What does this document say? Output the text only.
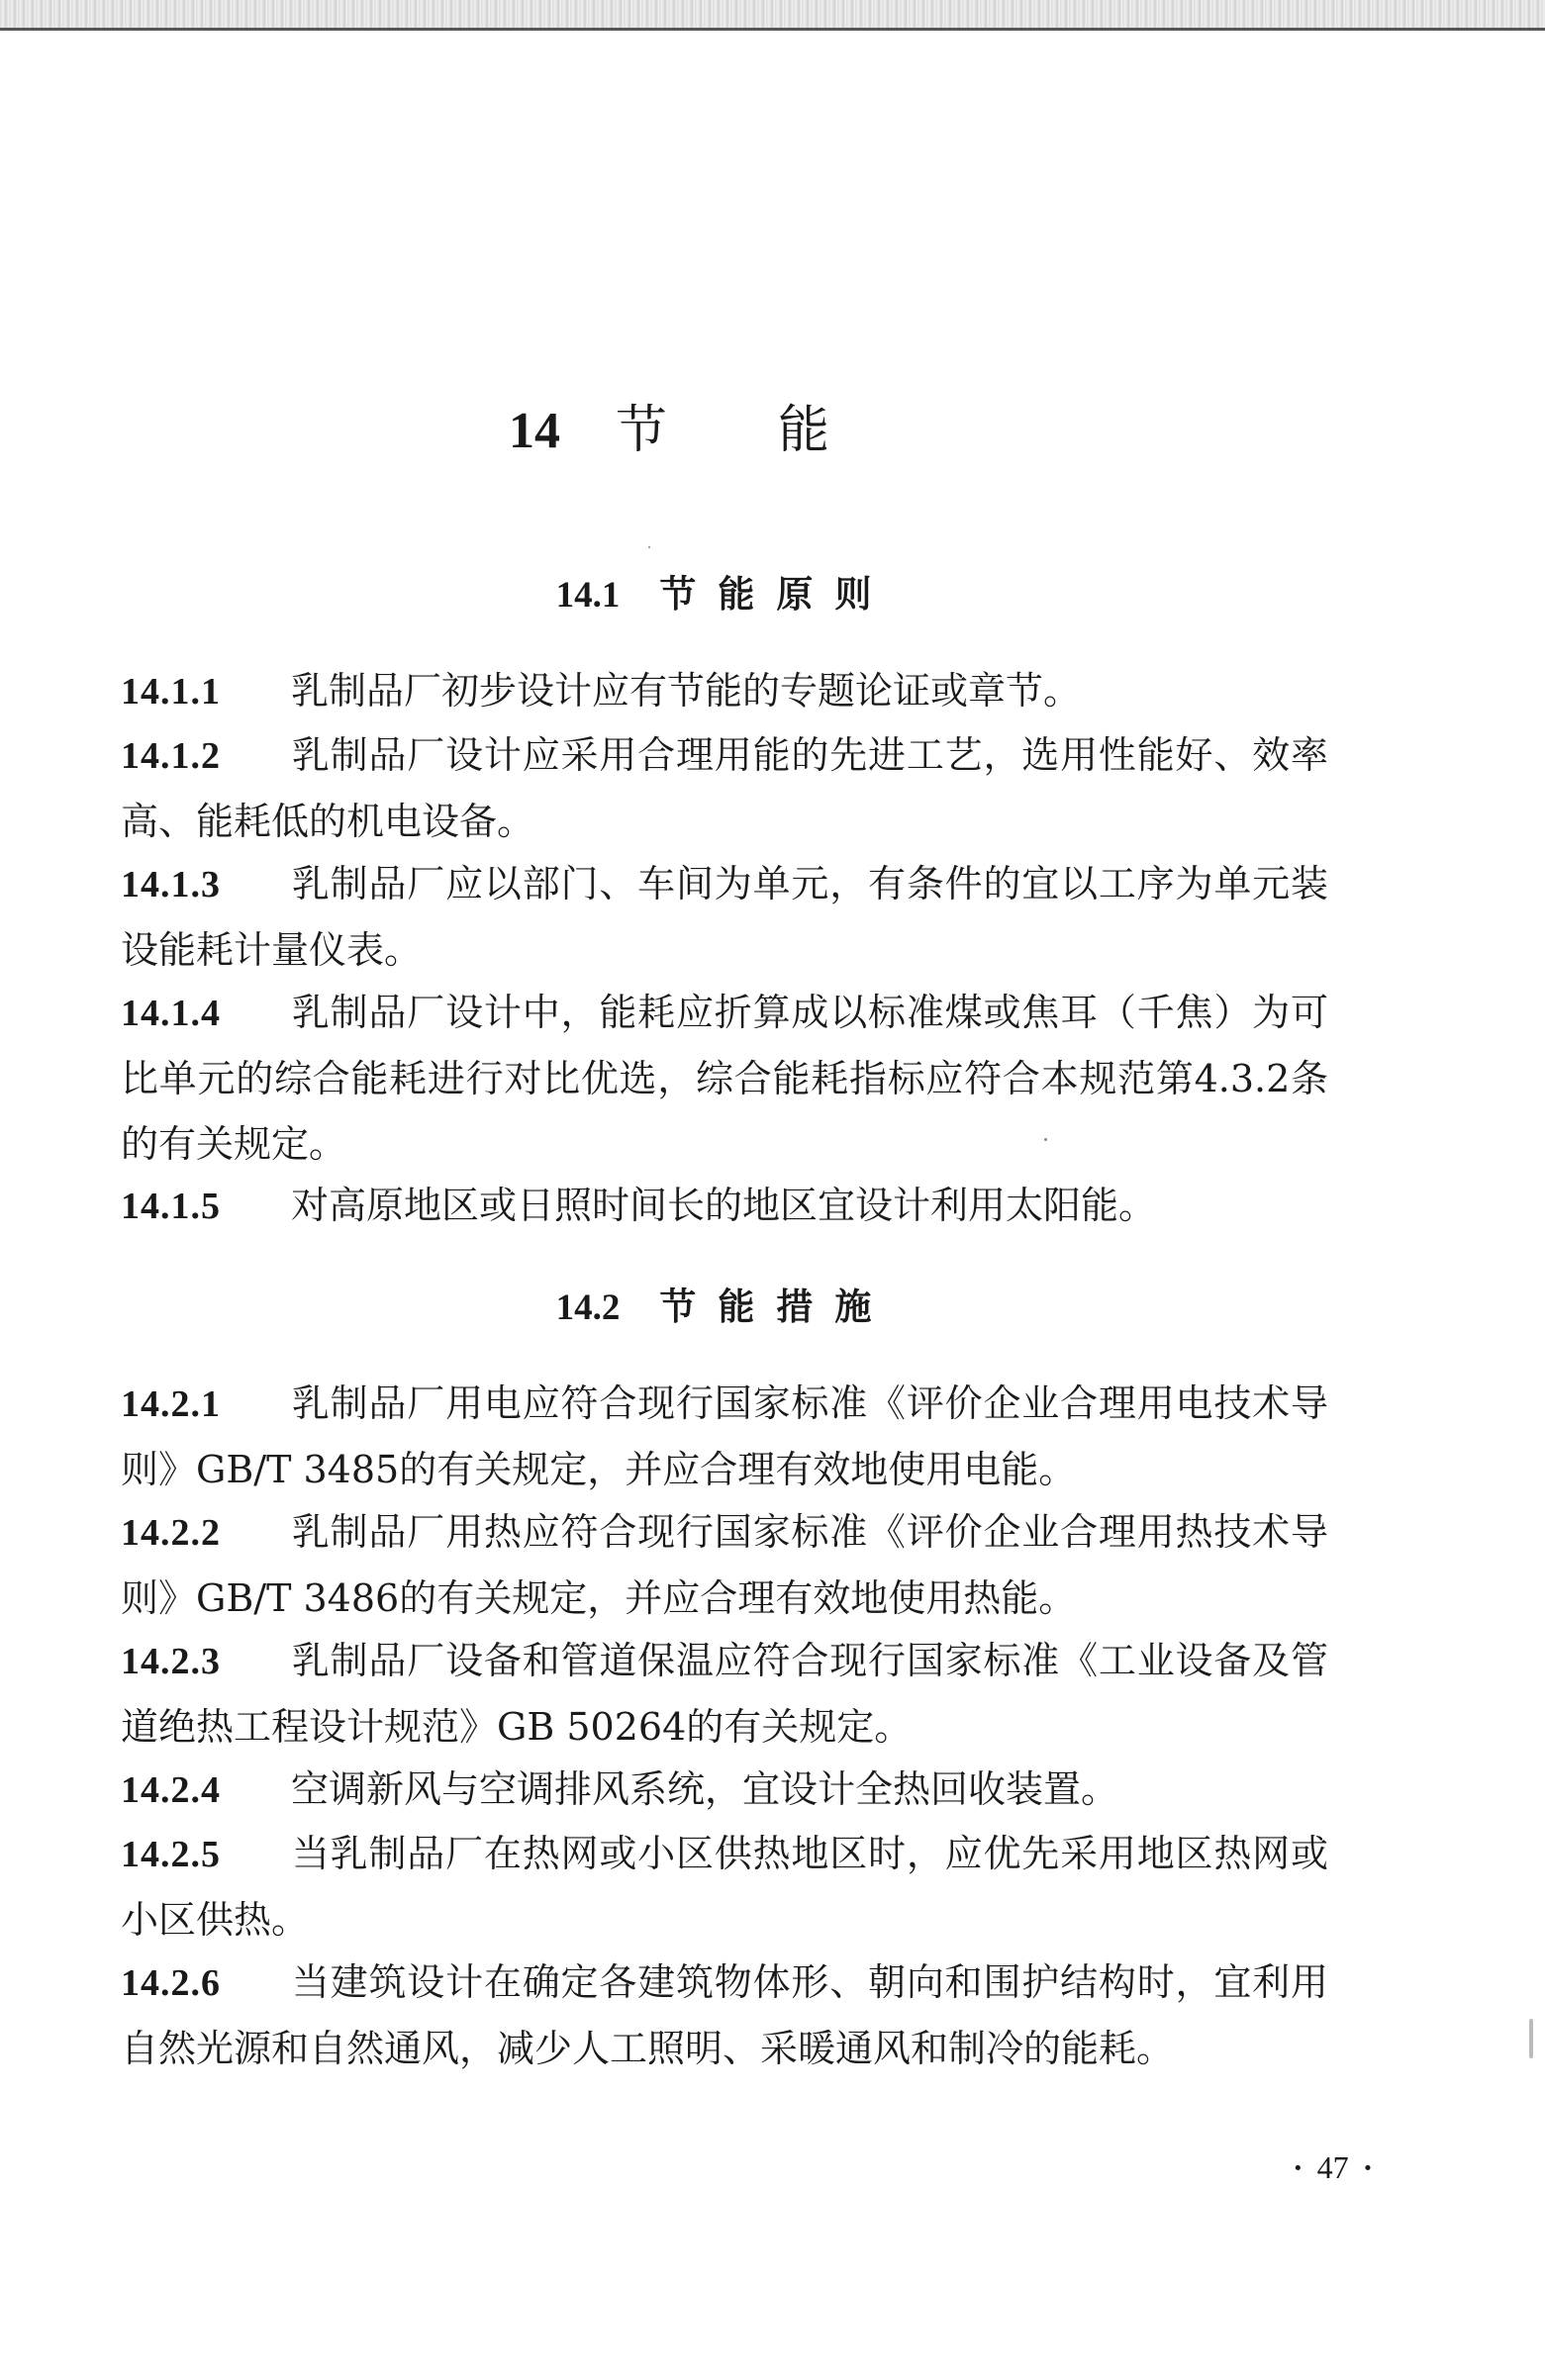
14 节能
14.1 节能原则

14.1.1 乳制品厂初步设计应有节能的专题论证或章节。

14.1.2 乳制品厂设计应采用合理用能的先进工艺，选用性能好、效率高、能耗低的机电设备。

14.1.3 乳制品厂应以部门、车间为单元，有条件的宜以工序为单元装设能耗计量仪表。

14.1.4 乳制品厂设计中，能耗应折算成以标准煤或焦耳（千焦）为可比单元的综合能耗进行对比优选，综合能耗指标应符合本规范第4.3.2条的有关规定。

14.1.5 对高原地区或日照时间长的地区宜设计利用太阳能。

14.2 节能措施

14.2.1 乳制品厂用电应符合现行国家标准《评价企业合理用电技术导则》GB/T 3485的有关规定，并应合理有效地使用电能。

14.2.2 乳制品厂用热应符合现行国家标准《评价企业合理用热技术导则》GB/T 3486的有关规定，并应合理有效地使用热能。

14.2.3 乳制品厂设备和管道保温应符合现行国家标准《工业设备及管道绝热工程设计规范》GB 50264的有关规定。

14.2.4 空调新风与空调排风系统，宜设计全热回收装置。

14.2.5 当乳制品厂在热网或小区供热地区时，应优先采用地区热网或小区供热。

14.2.6 当建筑设计在确定各建筑物体形、朝向和围护结构时，宜利用自然光源和自然通风，减少人工照明、采暖通风和制冷的能耗。

· 47 ·
